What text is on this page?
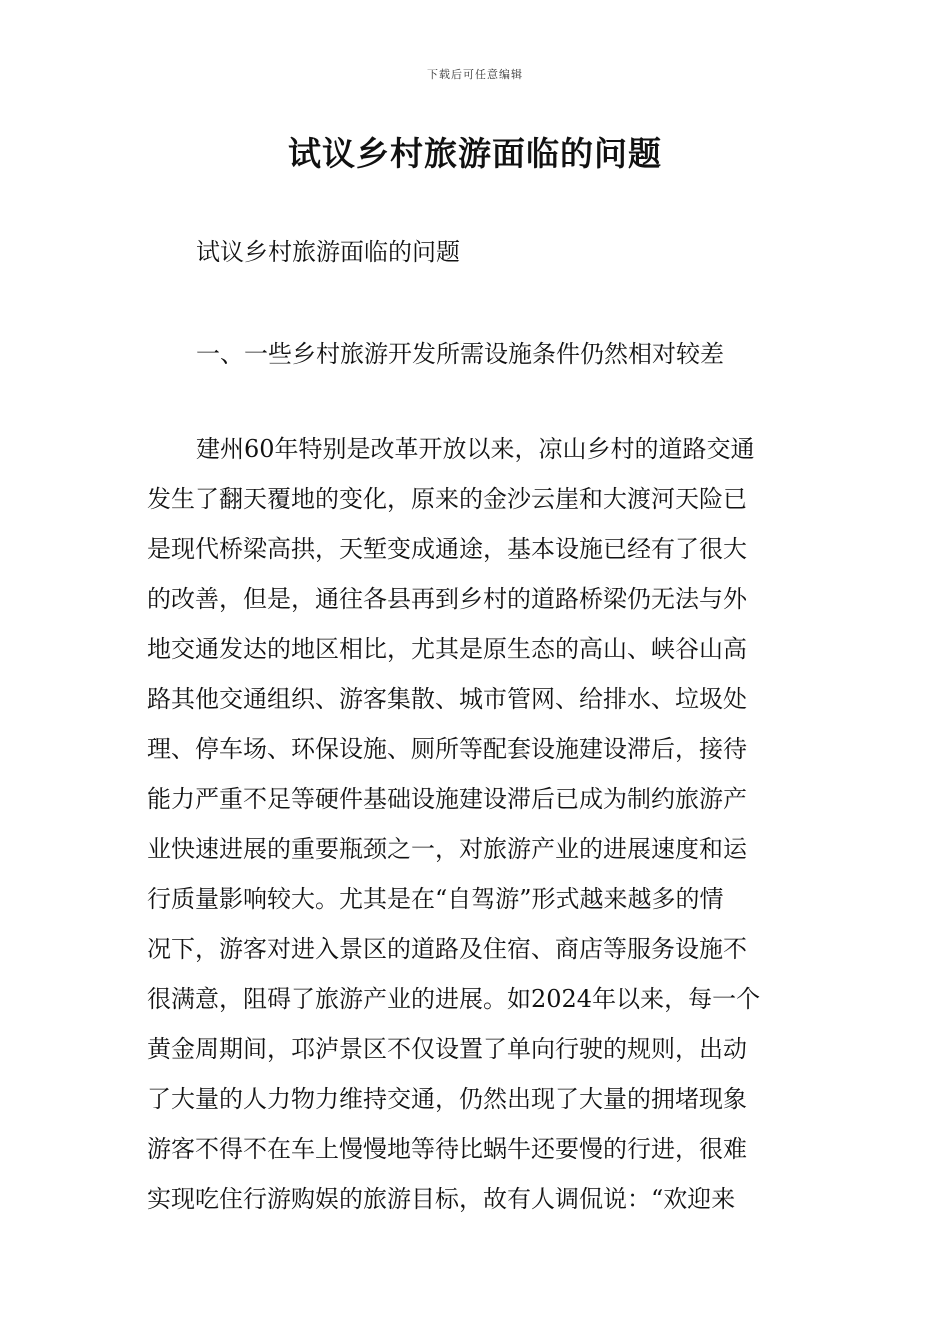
下载后可任意编辑
试议乡村旅游面临的问题
试议乡村旅游面临的问题
一、一些乡村旅游开发所需设施条件仍然相对较差
建州60年特别是改革开放以来，凉山乡村的道路交通
发生了翻天覆地的变化，原来的金沙云崖和大渡河天险已
是现代桥梁高拱，天堑变成通途，基本设施已经有了很大
的改善，但是，通往各县再到乡村的道路桥梁仍无法与外
地交通发达的地区相比，尤其是原生态的高山、峡谷山高
路其他交通组织、游客集散、城市管网、给排水、垃圾处
理、停车场、环保设施、厕所等配套设施建设滞后，接待
能力严重不足等硬件基础设施建设滞后已成为制约旅游产
业快速进展的重要瓶颈之一，对旅游产业的进展速度和运
行质量影响较大。尤其是在“自驾游”形式越来越多的情
况下，游客对进入景区的道路及住宿、商店等服务设施不
很满意，阻碍了旅游产业的进展。如2024年以来，每一个
黄金周期间，邛泸景区不仅设置了单向行驶的规则，出动
了大量的人力物力维持交通，仍然出现了大量的拥堵现象
游客不得不在车上慢慢地等待比蜗牛还要慢的行进，很难
实现吃住行游购娱的旅游目标，故有人调侃说：“欢迎来
